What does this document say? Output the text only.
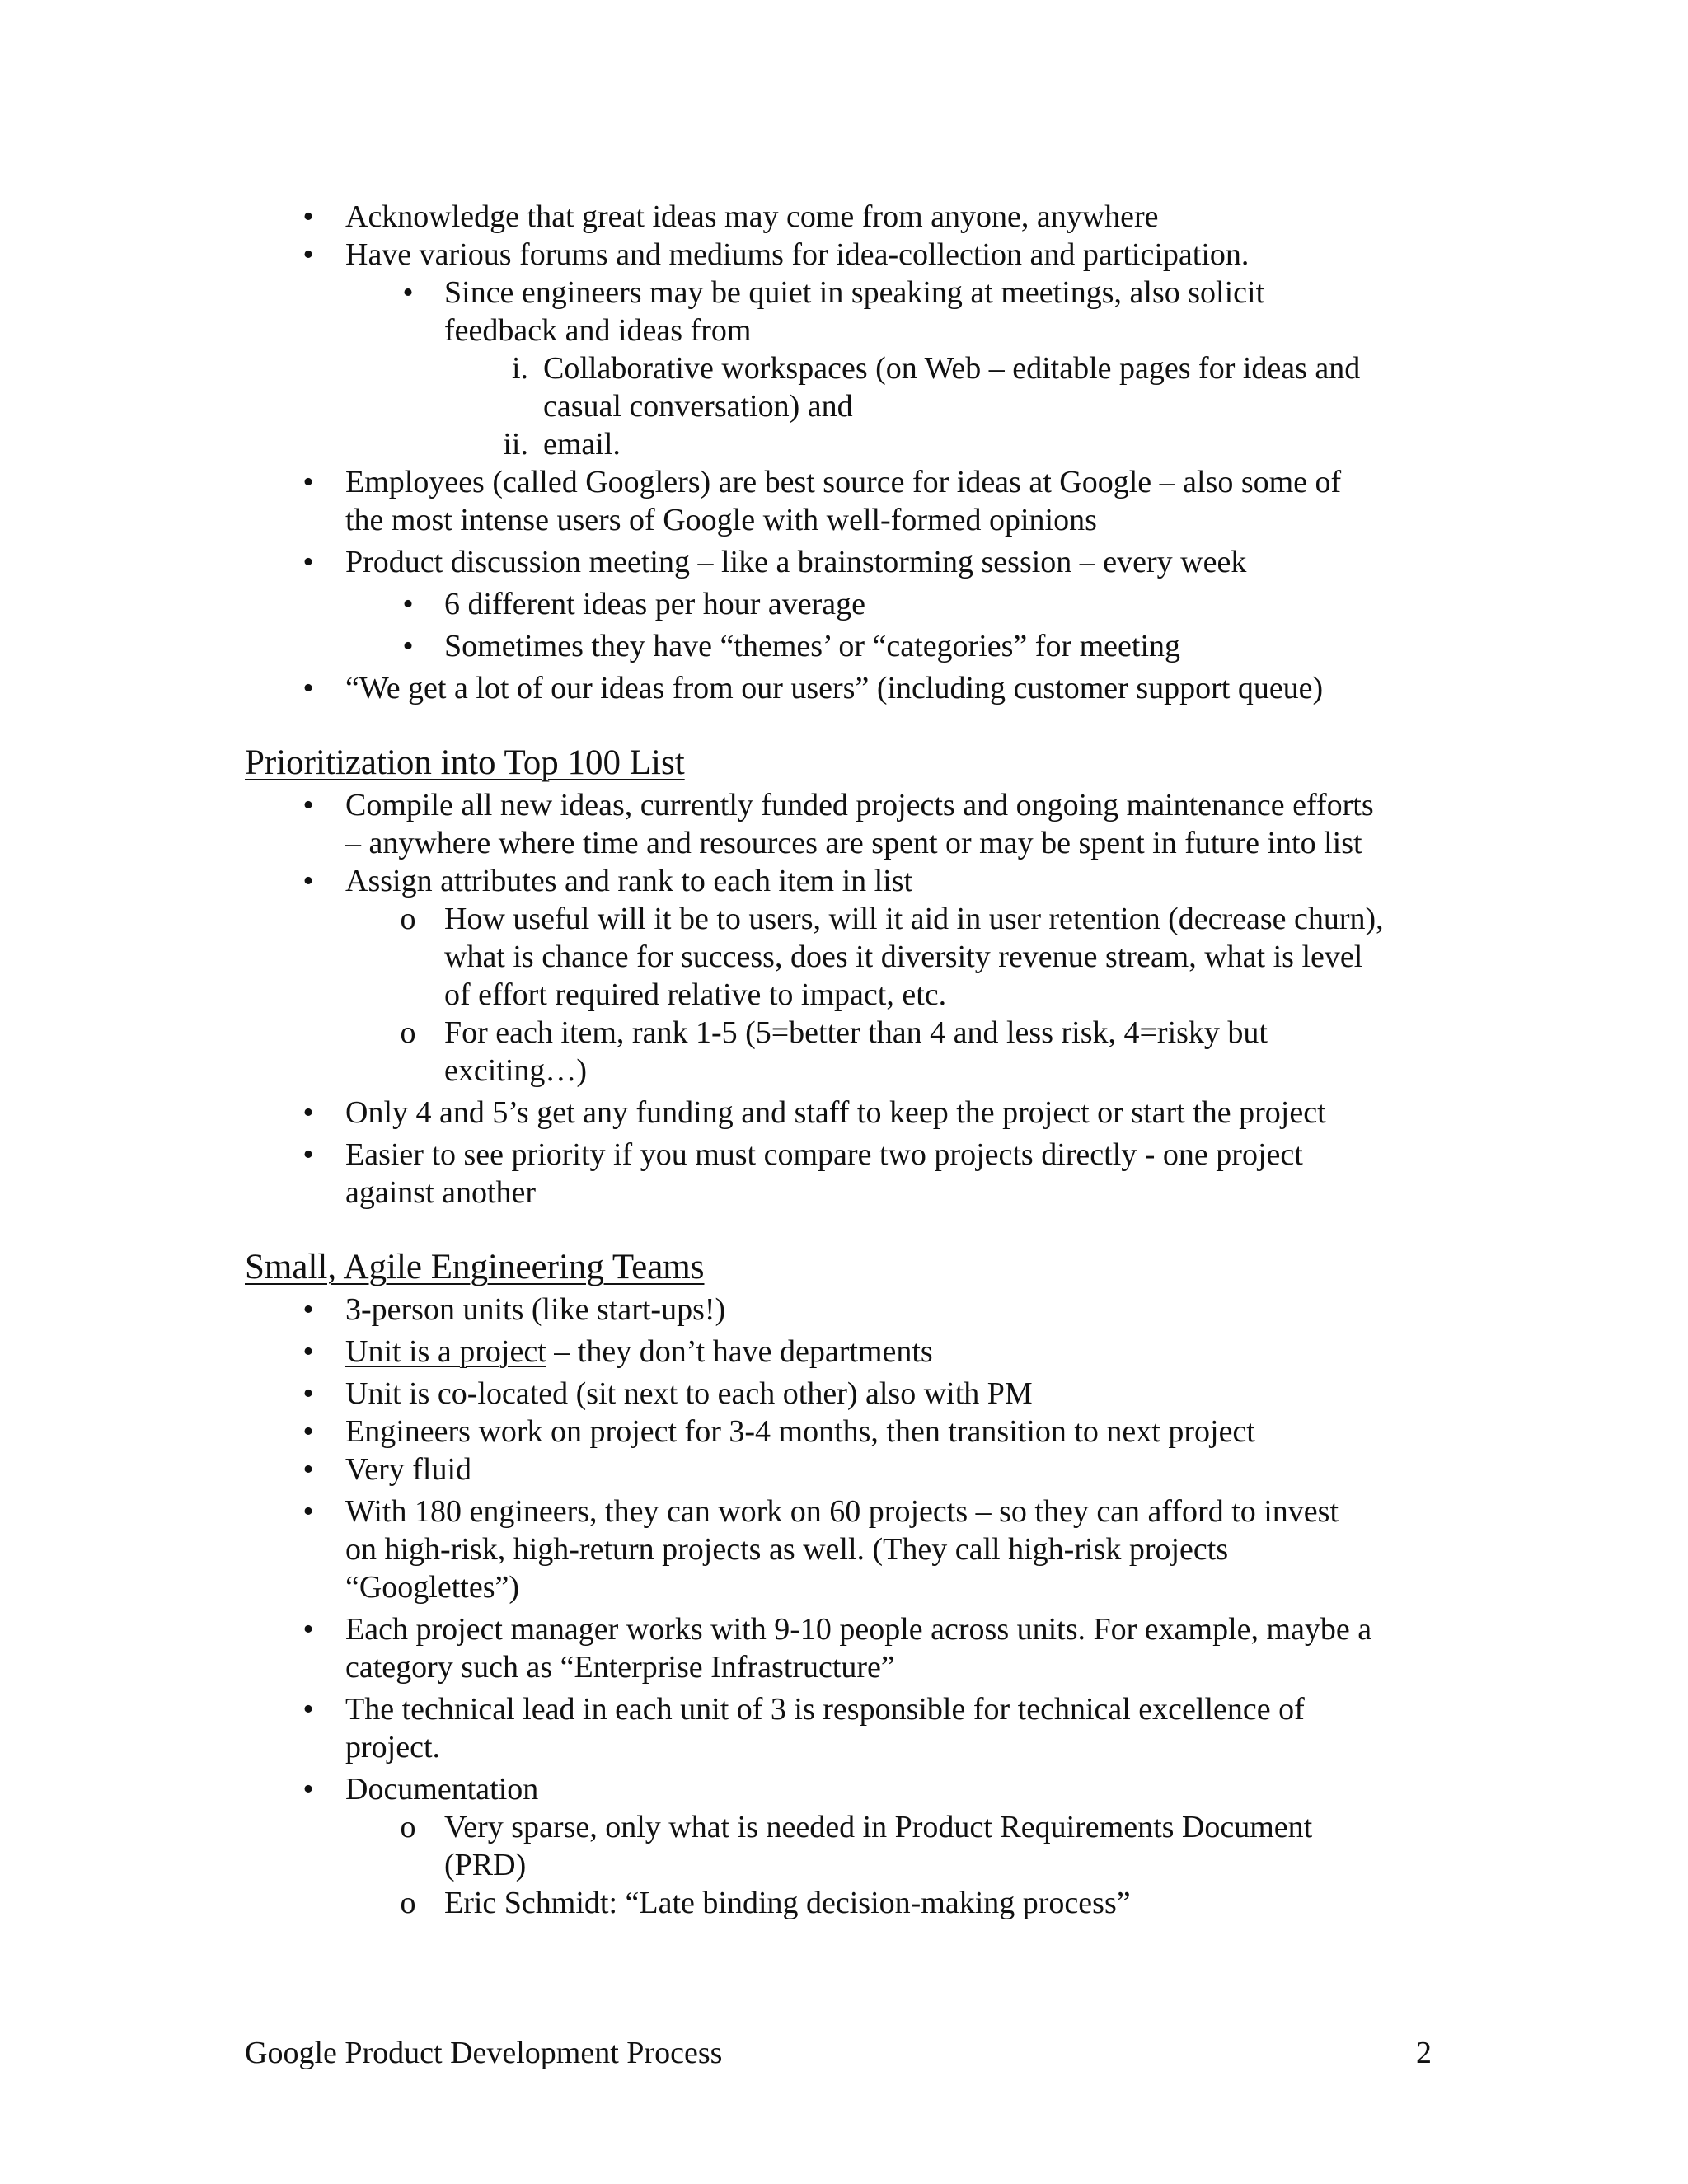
• Acknowledge that great ideas may come from anyone, anywhere
• Have various forums and mediums for idea-collection and participation.
• Since engineers may be quiet in speaking at meetings, also solicit
feedback and ideas from
i. Collaborative workspaces (on Web – editable pages for ideas and
casual conversation) and
ii. email.
• Employees (called Googlers) are best source for ideas at Google – also some of
the most intense users of Google with well-formed opinions
• Product discussion meeting – like a brainstorming session – every week
• 6 different ideas per hour average
• Sometimes they have “themes’ or “categories” for meeting
• “We get a lot of our ideas from our users” (including customer support queue)
Prioritization into Top 100 List
• Compile all new ideas, currently funded projects and ongoing maintenance efforts
– anywhere where time and resources are spent or may be spent in future into list
• Assign attributes and rank to each item in list
o How useful will it be to users, will it aid in user retention (decrease churn),
what is chance for success, does it diversity revenue stream, what is level
of effort required relative to impact, etc.
o For each item, rank 1-5 (5=better than 4 and less risk, 4=risky but
exciting…)
• Only 4 and 5’s get any funding and staff to keep the project or start the project
• Easier to see priority if you must compare two projects directly - one project
against another
Small, Agile Engineering Teams
• 3-person units (like start-ups!)
• Unit is a project – they don’t have departments
• Unit is co-located (sit next to each other) also with PM
• Engineers work on project for 3-4 months, then transition to next project
• Very fluid
• With 180 engineers, they can work on 60 projects – so they can afford to invest
on high-risk, high-return projects as well. (They call high-risk projects
“Googlettes”)
• Each project manager works with 9-10 people across units. For example, maybe a
category such as “Enterprise Infrastructure”
• The technical lead in each unit of 3 is responsible for technical excellence of
project.
• Documentation
o Very sparse, only what is needed in Product Requirements Document
(PRD)
o Eric Schmidt: “Late binding decision-making process”
Google Product Development Process	2
